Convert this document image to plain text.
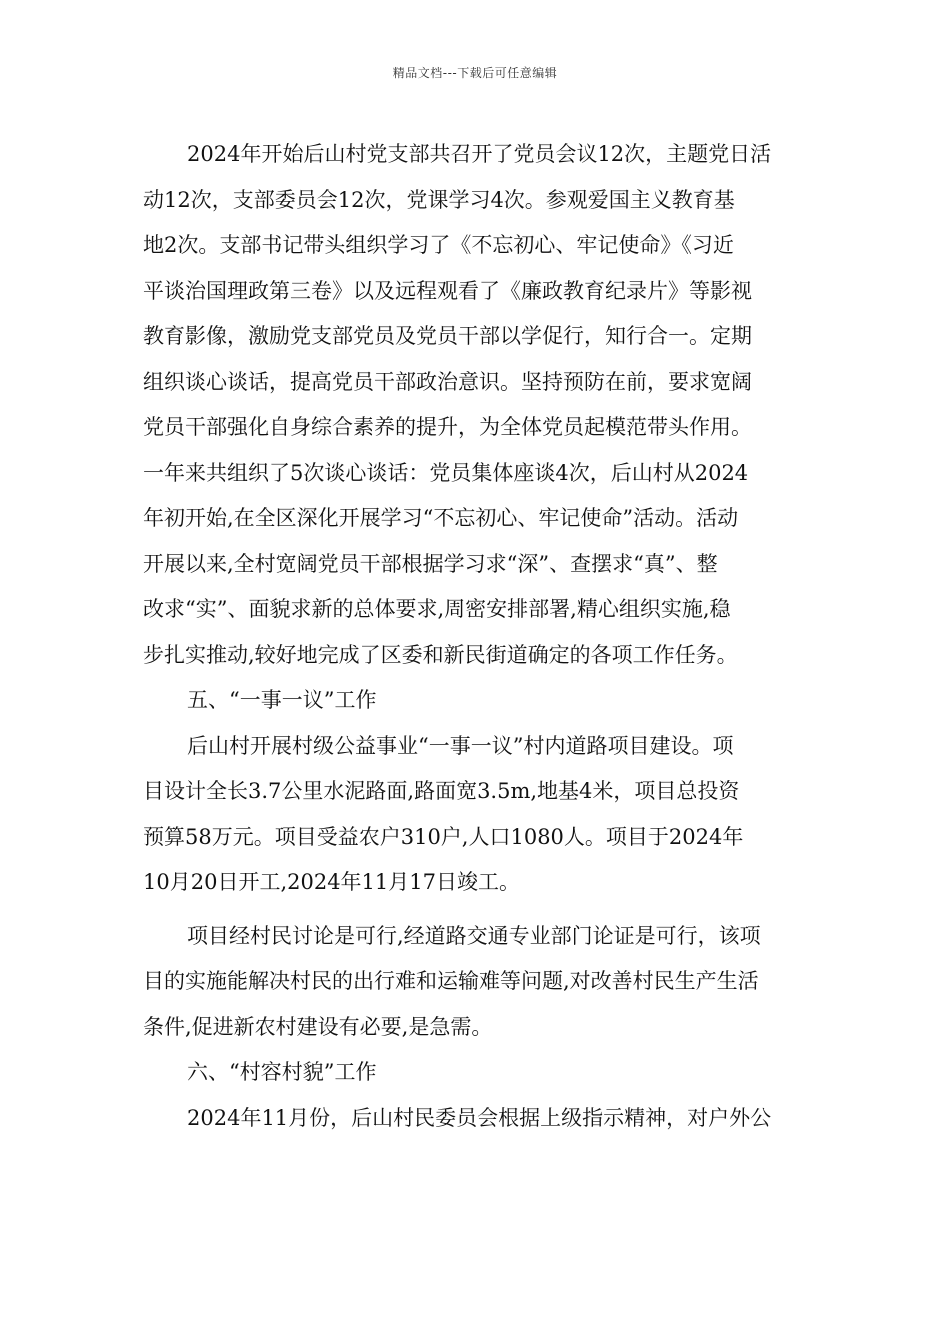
精品文档---下载后可任意编辑
2024年开始后山村党支部共召开了党员会议12次，主题党日活
动12次，支部委员会12次，党课学习4次。参观爱国主义教育基
地2次。支部书记带头组织学习了《不忘初心、牢记使命》《习近
平谈治国理政第三卷》以及远程观看了《廉政教育纪录片》等影视
教育影像，激励党支部党员及党员干部以学促行，知行合一。定期
组织谈心谈话，提高党员干部政治意识。坚持预防在前，要求宽阔
党员干部强化自身综合素养的提升，为全体党员起模范带头作用。
一年来共组织了5次谈心谈话：党员集体座谈4次，后山村从2024
年初开始,在全区深化开展学习“不忘初心、牢记使命”活动。活动
开展以来,全村宽阔党员干部根据学习求“深”、查摆求“真”、整
改求“实”、面貌求新的总体要求,周密安排部署,精心组织实施,稳
步扎实推动,较好地完成了区委和新民街道确定的各项工作任务。
五、“一事一议”工作
后山村开展村级公益事业“一事一议”村内道路项目建设。项
目设计全长3.7公里水泥路面,路面宽3.5m,地基4米，项目总投资
预算58万元。项目受益农户310户,人口1080人。项目于2024年
10月20日开工,2024年11月17日竣工。
项目经村民讨论是可行,经道路交通专业部门论证是可行，该项
目的实施能解决村民的出行难和运输难等问题,对改善村民生产生活
条件,促进新农村建设有必要,是急需。
六、“村容村貌”工作
2024年11月份，后山村民委员会根据上级指示精神，对户外公
